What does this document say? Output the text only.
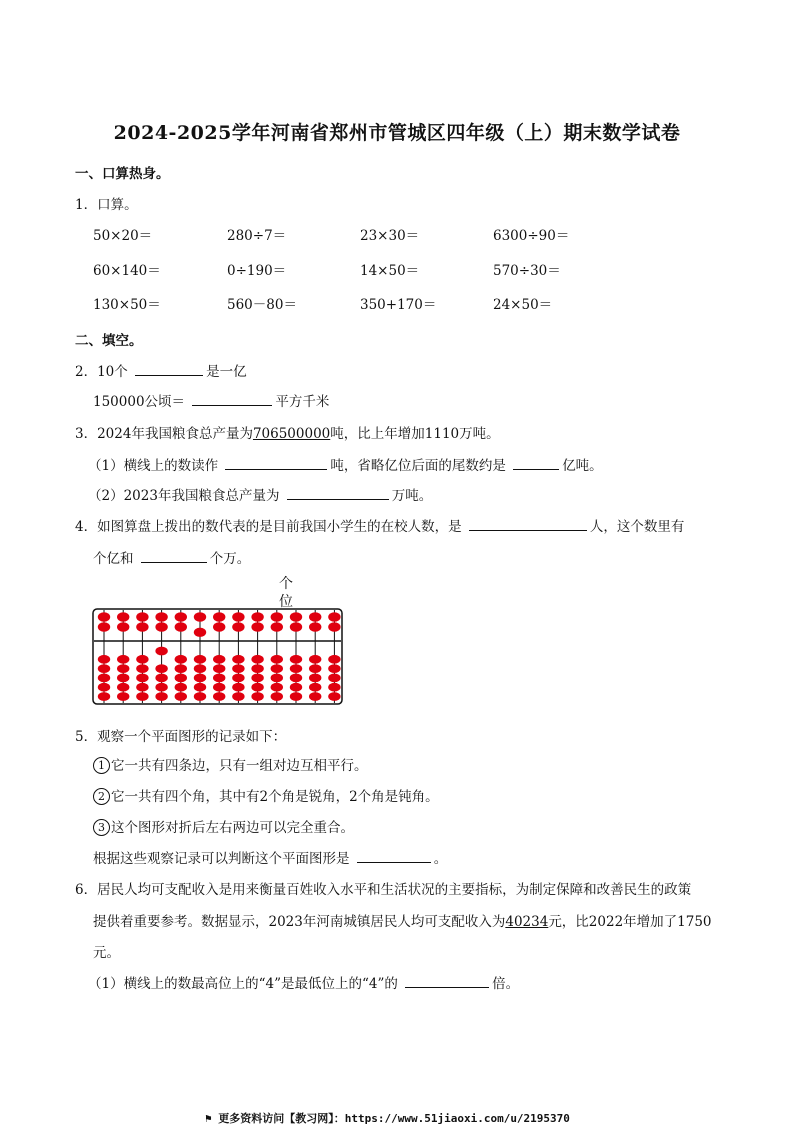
2024-2025学年河南省郑州市管城区四年级（上）期末数学试卷
一、口算热身。
1．口算。
50×20＝	280÷7＝	23×30＝	6300÷90＝
60×140＝	0÷190＝	14×50＝	570÷30＝
130×50＝	560－80＝	350+170＝	24×50＝
二、填空。
2．10个	是一亿
150000公顷＝	平方千米
3．2024年我国粮食总产量为706500000吨，比上年增加1110万吨。
（1）横线上的数读作	吨，省略亿位后面的尾数约是	亿吨。
（2）2023年我国粮食总产量为	万吨。
4．如图算盘上拨出的数代表的是目前我国小学生的在校人数，是	人，这个数里有
个亿和	个万。
个
位
5．观察一个平面图形的记录如下：
1 它一共有四条边，只有一组对边互相平行。
2 它一共有四个角，其中有2个角是锐角，2个角是钝角。
3 这个图形对折后左右两边可以完全重合。
根据这些观察记录可以判断这个平面图形是	。
6．居民人均可支配收入是用来衡量百姓收入水平和生活状况的主要指标，为制定保障和改善民生的政策
提供着重要参考。数据显示，2023年河南城镇居民人均可支配收入为40234元，比2022年增加了1750
元。
（1）横线上的数最高位上的“4”是最低位上的“4”的	倍。
⚑ 更多资料访问【教习网】：https://www.51jiaoxi.com/u/2195370
